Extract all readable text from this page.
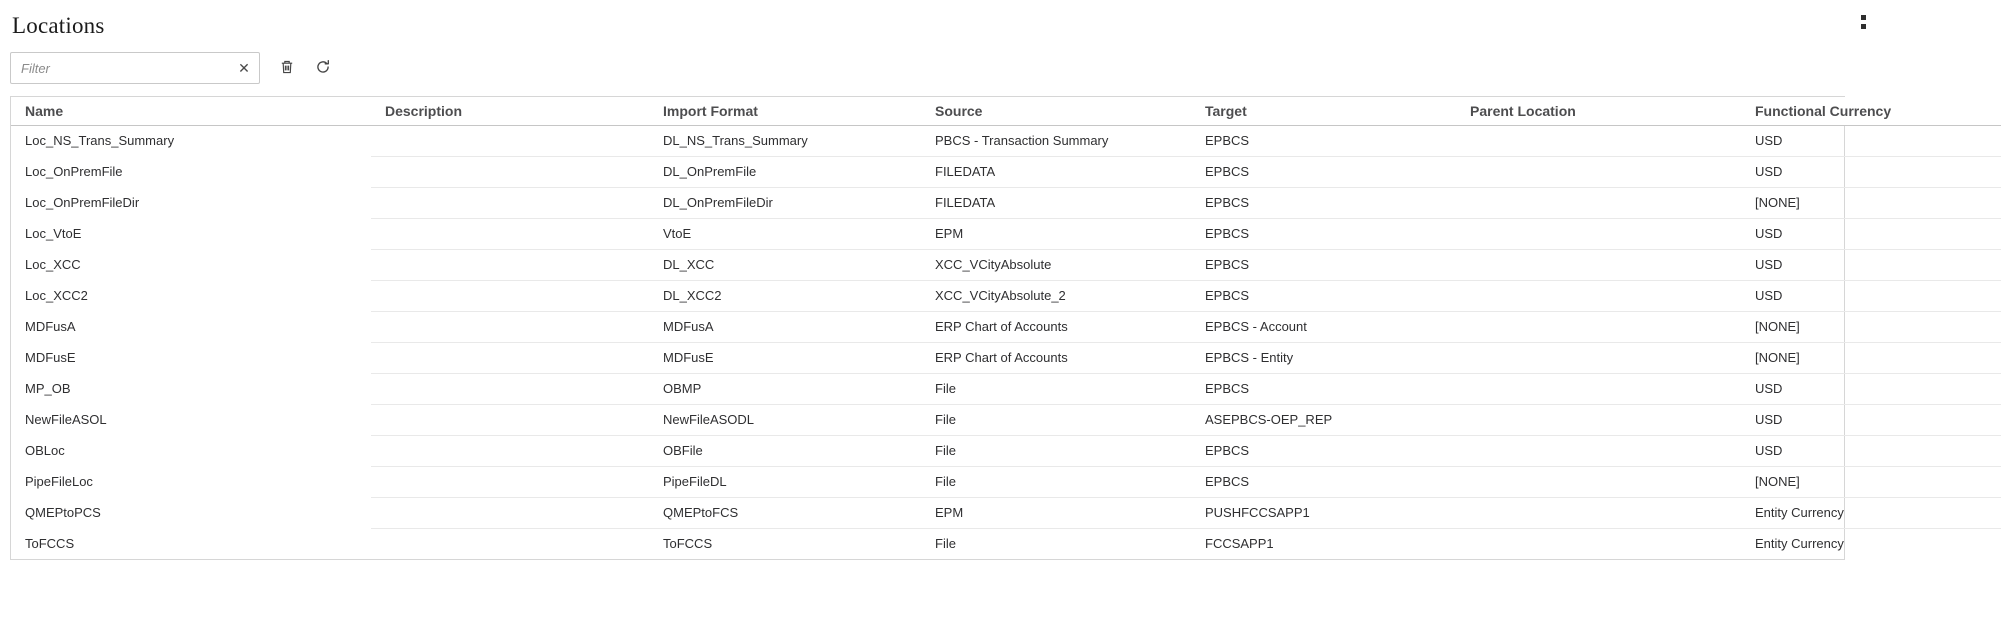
Locations
Filter
✕
Name	Description	Import Format	Source	Target	Parent Location	Functional Currency
Loc_NS_Trans_Summary		DL_NS_Trans_Summary	PBCS - Transaction Summary	EPBCS		USD
Loc_OnPremFile		DL_OnPremFile	FILEDATA	EPBCS		USD
Loc_OnPremFileDir		DL_OnPremFileDir	FILEDATA	EPBCS		[NONE]
Loc_VtoE		VtoE	EPM	EPBCS		USD
Loc_XCC		DL_XCC	XCC_VCityAbsolute	EPBCS		USD
Loc_XCC2		DL_XCC2	XCC_VCityAbsolute_2	EPBCS		USD
MDFusA		MDFusA	ERP Chart of Accounts	EPBCS - Account		[NONE]
MDFusE		MDFusE	ERP Chart of Accounts	EPBCS - Entity		[NONE]
MP_OB		OBMP	File	EPBCS		USD
NewFileASOL		NewFileASODL	File	ASEPBCS-OEP_REP		USD
OBLoc		OBFile	File	EPBCS		USD
PipeFileLoc		PipeFileDL	File	EPBCS		[NONE]
QMEPtoPCS		QMEPtoFCS	EPM	PUSHFCCSAPP1		Entity Currency
ToFCCS		ToFCCS	File	FCCSAPP1		Entity Currency
